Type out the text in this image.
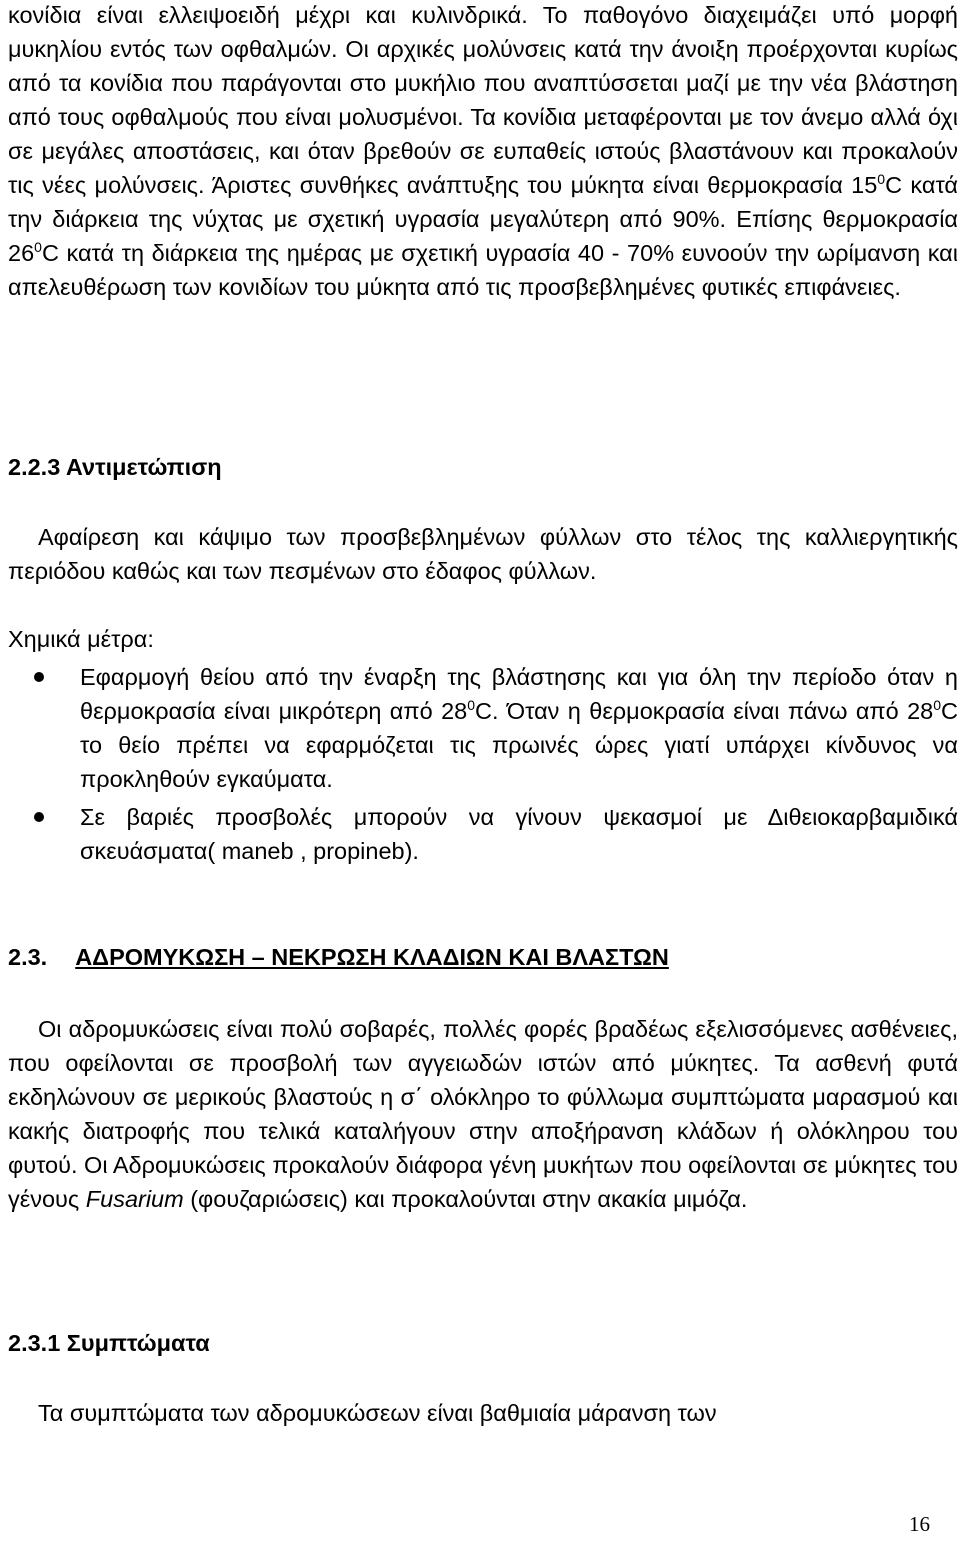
κονίδια είναι ελλειψοειδή μέχρι και κυλινδρικά. Το παθογόνο διαχειμάζει υπό μορφή μυκηλίου εντός των οφθαλμών. Οι αρχικές μολύνσεις κατά την άνοιξη προέρχονται κυρίως από τα κονίδια που παράγονται στο μυκήλιο που αναπτύσσεται μαζί με την νέα βλάστηση από τους οφθαλμούς που είναι μολυσμένοι. Τα κονίδια μεταφέρονται με τον άνεμο αλλά όχι σε μεγάλες αποστάσεις, και όταν βρεθούν σε ευπαθείς ιστούς βλαστάνουν και προκαλούν τις νέες μολύνσεις. Άριστες συνθήκες ανάπτυξης του μύκητα είναι θερμοκρασία $15^0C$ κατά την διάρκεια της νύχτας με σχετική υγρασία μεγαλύτερη από 90%. Επίσης θερμοκρασία $26^0C$ κατά τη διάρκεια της ημέρας με σχετική υγρασία 40 - 70% ευνοούν την ωρίμανση και απελευθέρωση των κονιδίων του μύκητα από τις προσβεβλημένες φυτικές επιφάνειες.

2.2.3 Αντιμετώπιση

Αφαίρεση και κάψιμο των προσβεβλημένων φύλλων στο τέλος της καλλιεργητικής περιόδου καθώς και των πεσμένων στο έδαφος φύλλων.

Χημικά μέτρα:

Εφαρμογή θείου από την έναρξη της βλάστησης και για όλη την περίοδο όταν η θερμοκρασία είναι μικρότερη από $28^0C$. Όταν η θερμοκρασία είναι πάνω από $28^0C$ το θείο πρέπει να εφαρμόζεται τις πρωινές ώρες γιατί υπάρχει κίνδυνος να προκληθούν εγκαύματα.

Σε βαριές προσβολές μπορούν να γίνουν ψεκασμοί με Διθειοκαρβαμιδικά σκευάσματα( maneb , propineb).

2.3. ΑΔΡΟΜΥΚΩΣΗ – ΝΕΚΡΩΣΗ ΚΛΑΔΙΩΝ ΚΑΙ ΒΛΑΣΤΩΝ

Οι αδρομυκώσεις είναι πολύ σοβαρές, πολλές φορές βραδέως εξελισσόμενες ασθένειες, που οφείλονται σε προσβολή των αγγειωδών ιστών από μύκητες. Τα ασθενή φυτά εκδηλώνουν σε μερικούς βλαστούς η σ΄ ολόκληρο το φύλλωμα συμπτώματα μαρασμού και κακής διατροφής που τελικά καταλήγουν στην αποξήρανση κλάδων ή ολόκληρου του φυτού. Οι Αδρομυκώσεις προκαλούν διάφορα γένη μυκήτων που οφείλονται σε μύκητες του γένους Fusarium (φουζαριώσεις) και προκαλούνται στην ακακία μιμόζα.

2.3.1 Συμπτώματα

Τα συμπτώματα των αδρομυκώσεων είναι βαθμιαία μάρανση των

16
